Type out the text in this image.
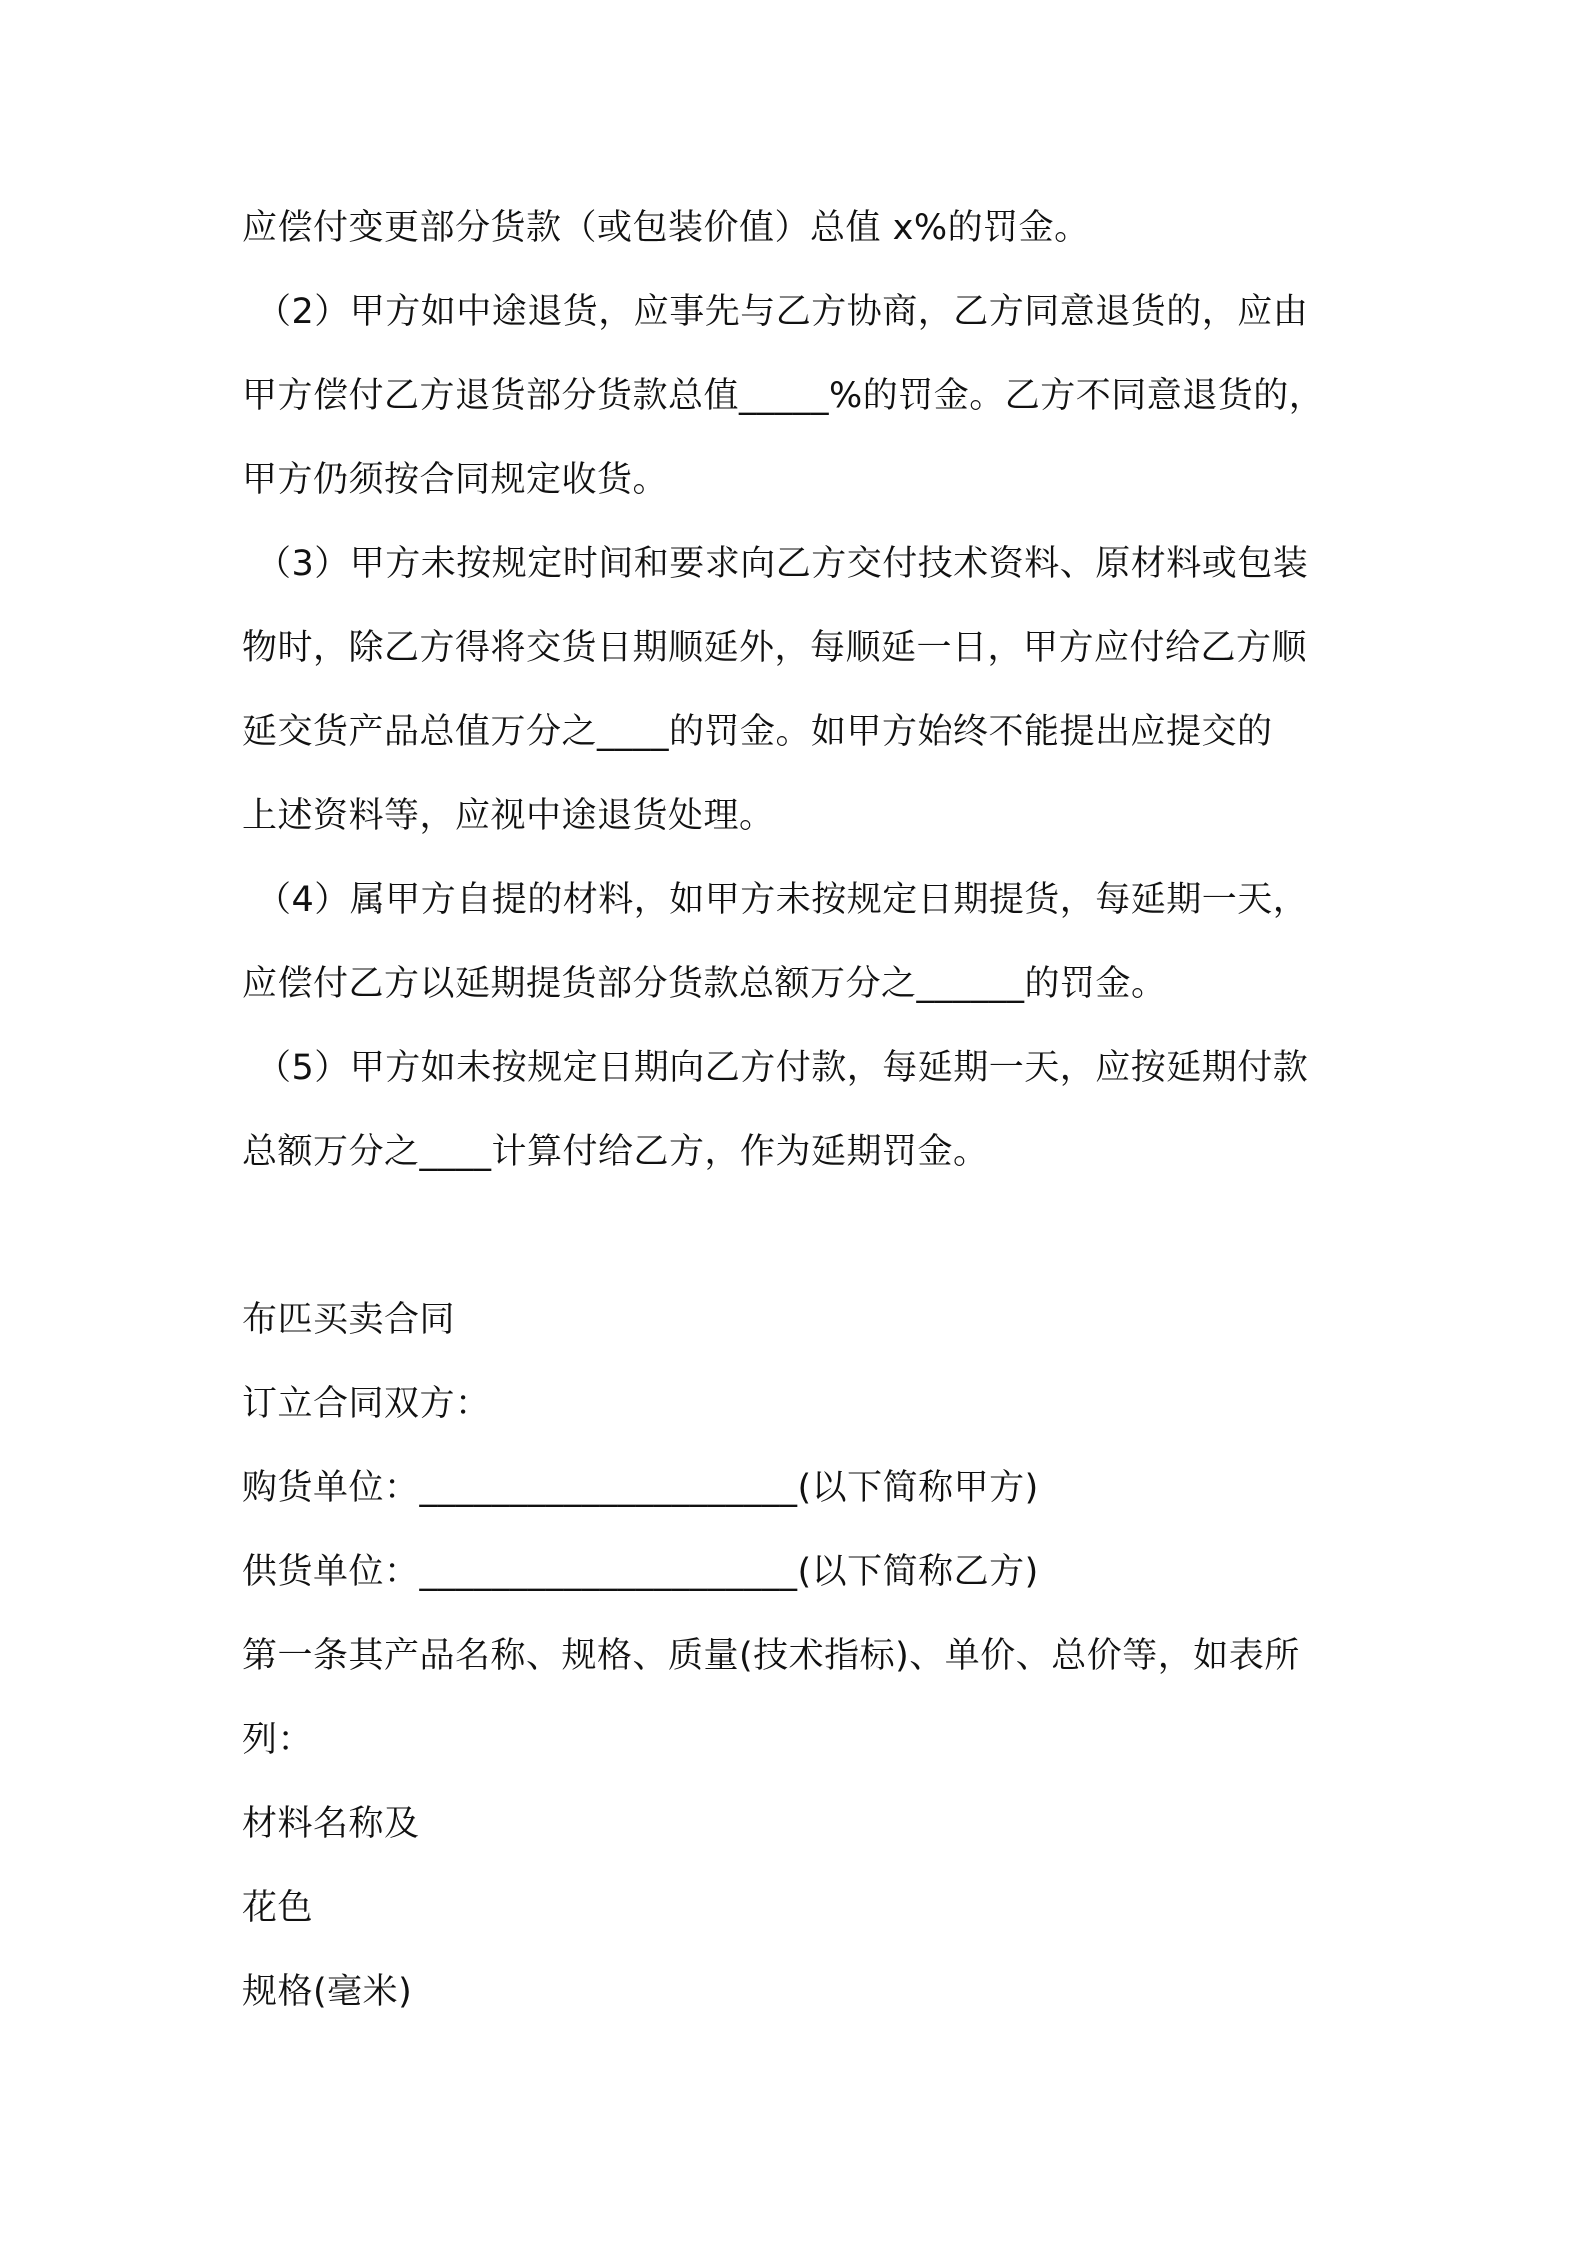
应偿付变更部分货款（或包装价值）总值 x%的罚金。
（2）甲方如中途退货，应事先与乙方协商，乙方同意退货的，应由
甲方偿付乙方退货部分货款总值_____%的罚金。乙方不同意退货的，
甲方仍须按合同规定收货。
（3）甲方未按规定时间和要求向乙方交付技术资料、原材料或包装
物时，除乙方得将交货日期顺延外，每顺延一日，甲方应付给乙方顺
延交货产品总值万分之____的罚金。如甲方始终不能提出应提交的
上述资料等，应视中途退货处理。
（4）属甲方自提的材料，如甲方未按规定日期提货，每延期一天，
应偿付乙方以延期提货部分货款总额万分之______的罚金。
（5）甲方如未按规定日期向乙方付款，每延期一天，应按延期付款
总额万分之____计算付给乙方，作为延期罚金。
布匹买卖合同
订立合同双方：
购货单位：_____________________(以下简称甲方)
供货单位：_____________________(以下简称乙方)
第一条其产品名称、规格、质量(技术指标)、单价、总价等，如表所
列：
材料名称及
花色
规格(毫米)
